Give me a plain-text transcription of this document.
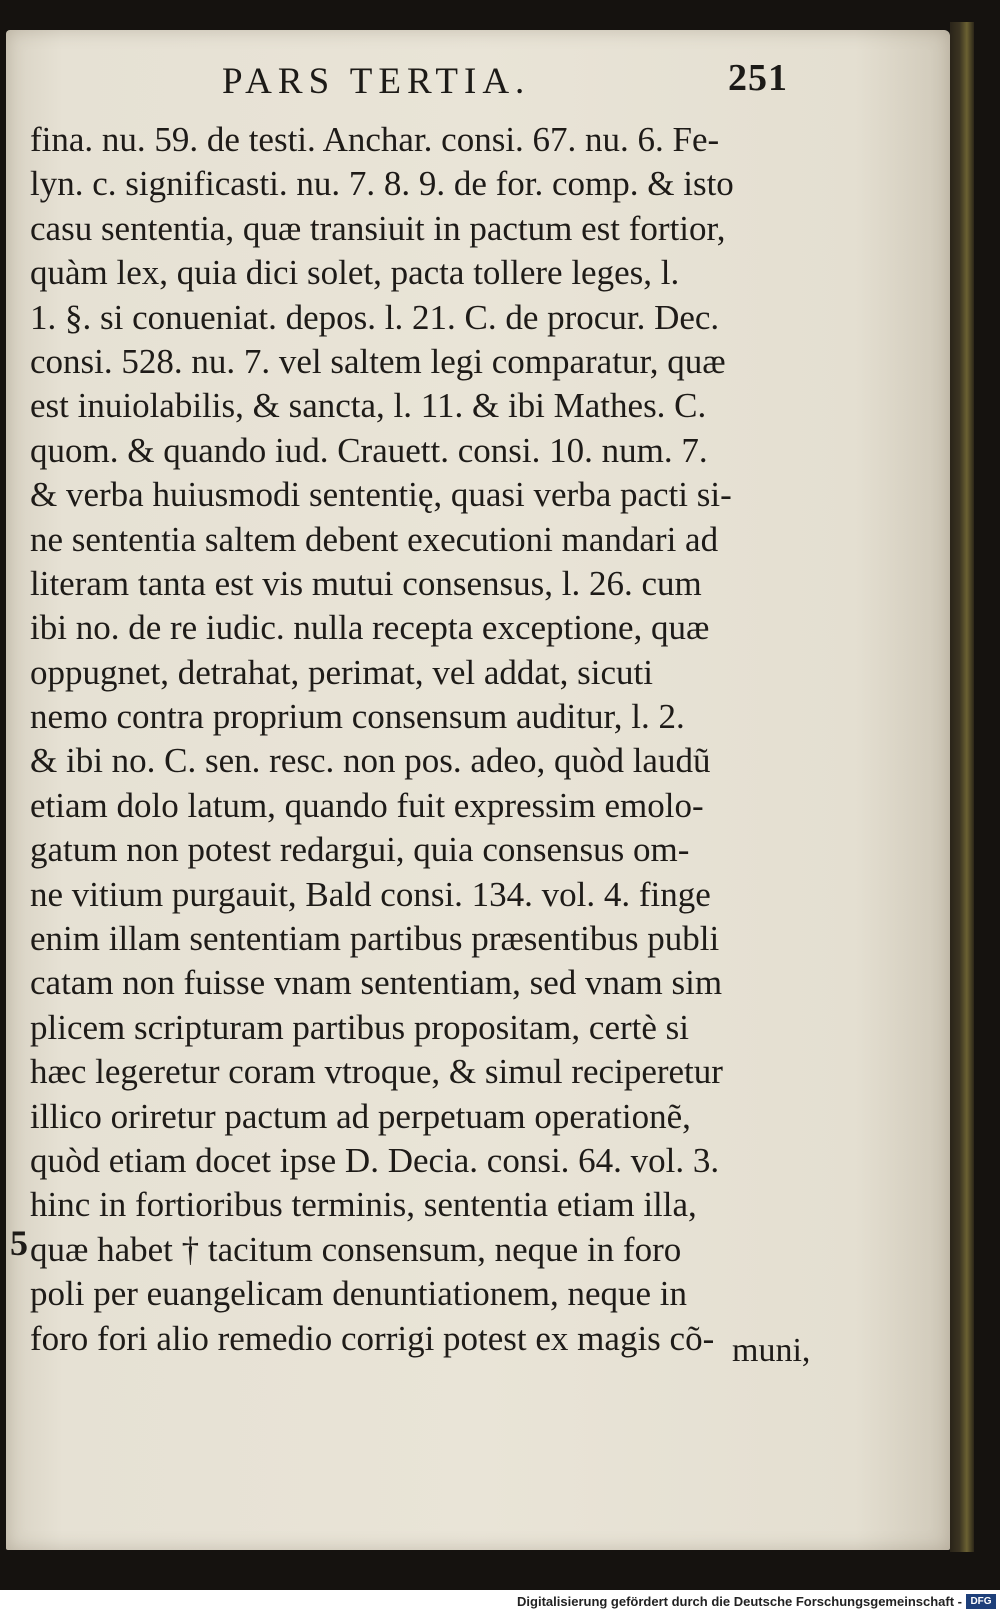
PARS TERTIA.	251
fina. nu. 59. de testi. Anchar. consi. 67. nu. 6. Fe-
lyn. c. significasti. nu. 7. 8. 9. de for. comp. & isto
casu sententia, quæ transiuit in pactum est fortior,
quàm lex, quia dici solet, pacta tollere leges, l.
1. §. si conueniat. depos. l. 21. C. de procur. Dec.
consi. 528. nu. 7. vel saltem legi comparatur, quæ
est inuiolabilis, & sancta, l. 11. & ibi Mathes. C.
quom. & quando iud. Crauett. consi. 10. num. 7.
& verba huiusmodi sententię, quasi verba pacti si-
ne sententia saltem debent executioni mandari ad
literam tanta est vis mutui consensus, l. 26. cum
ibi no. de re iudic. nulla recepta exceptione, quæ
oppugnet, detrahat, perimat, vel addat, sicuti
nemo contra proprium consensum auditur, l. 2.
& ibi no. C. sen. resc. non pos. adeo, quòd laudũ
etiam dolo latum, quando fuit expressim emolo-
gatum non potest redargui, quia consensus om-
ne vitium purgauit, Bald consi. 134. vol. 4. finge
enim illam sententiam partibus præsentibus publi
catam non fuisse vnam sententiam, sed vnam sim
plicem scripturam partibus propositam, certè si
hæc legeretur coram vtroque, & simul reciperetur
illico oriretur pactum ad perpetuam operationẽ,
quòd etiam docet ipse D. Decia. consi. 64. vol. 3.
hinc in fortioribus terminis, sententia etiam illa,
quæ habet † tacitum consensum, neque in foro
poli per euangelicam denuntiationem, neque in
foro fori alio remedio corrigi potest ex magis cõ-
5
muni,
Digitalisierung gefördert durch die Deutsche Forschungsgemeinschaft - DFG
